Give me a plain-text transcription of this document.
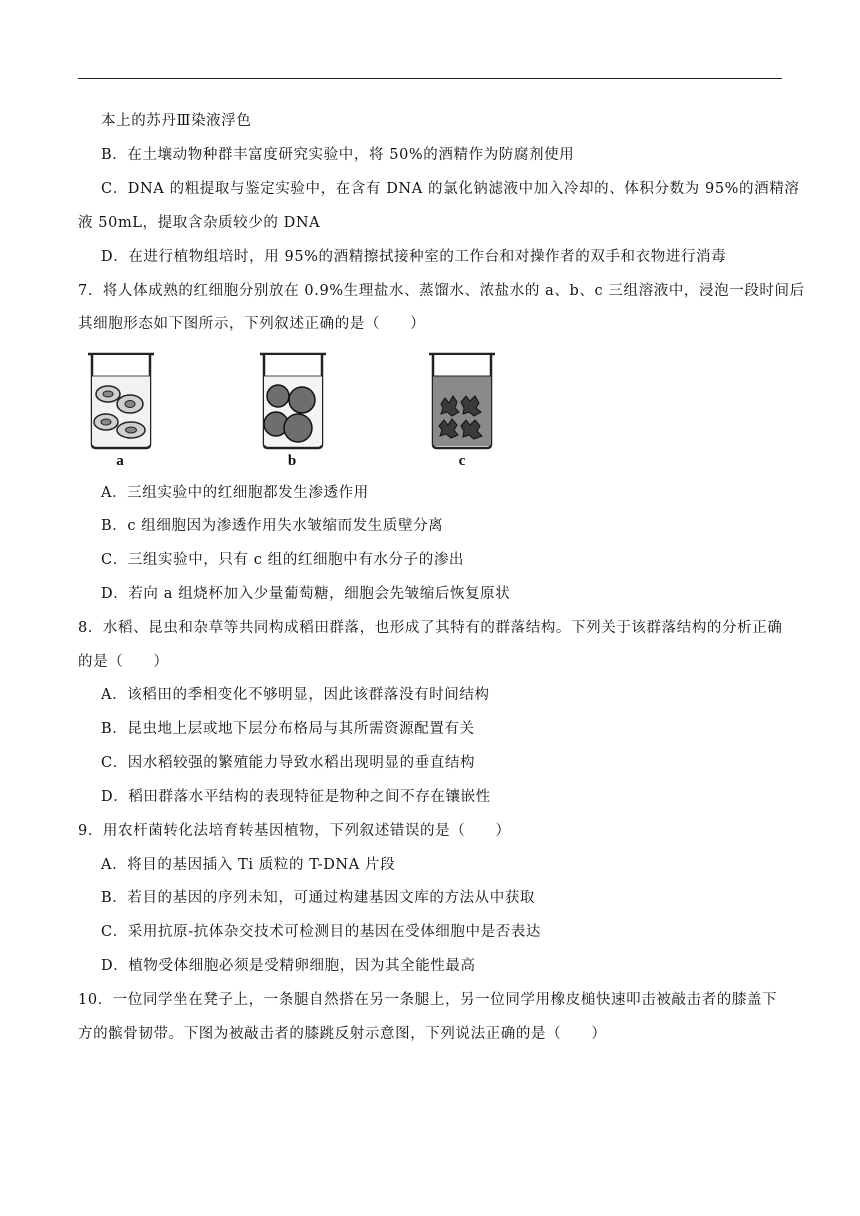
本上的苏丹Ⅲ染液浮色
B．在土壤动物种群丰富度研究实验中，将 50%的酒精作为防腐剂使用
C．DNA 的粗提取与鉴定实验中，在含有 DNA 的氯化钠滤液中加入冷却的、体积分数为 95%的酒精溶
液 50mL，提取含杂质较少的 DNA
D．在进行植物组培时，用 95%的酒精擦拭接种室的工作台和对操作者的双手和衣物进行消毒
7．将人体成熟的红细胞分别放在 0.9%生理盐水、蒸馏水、浓盐水的 a、b、c 三组溶液中，浸泡一段时间后
其细胞形态如下图所示，下列叙述正确的是（　　）
a	b	c
A．三组实验中的红细胞都发生渗透作用
B．c 组细胞因为渗透作用失水皱缩而发生质壁分离
C．三组实验中，只有 c 组的红细胞中有水分子的渗出
D．若向 a 组烧杯加入少量葡萄糖，细胞会先皱缩后恢复原状
8．水稻、昆虫和杂草等共同构成稻田群落，也形成了其特有的群落结构。下列关于该群落结构的分析正确
的是（　　）
A．该稻田的季相变化不够明显，因此该群落没有时间结构
B．昆虫地上层或地下层分布格局与其所需资源配置有关
C．因水稻较强的繁殖能力导致水稻出现明显的垂直结构
D．稻田群落水平结构的表现特征是物种之间不存在镶嵌性
9．用农杆菌转化法培育转基因植物，下列叙述错误的是（　　）
A．将目的基因插入 Ti 质粒的 T-DNA 片段
B．若目的基因的序列未知，可通过构建基因文库的方法从中获取
C．采用抗原-抗体杂交技术可检测目的基因在受体细胞中是否表达
D．植物受体细胞必须是受精卵细胞，因为其全能性最高
10．一位同学坐在凳子上，一条腿自然搭在另一条腿上，另一位同学用橡皮槌快速叩击被敲击者的膝盖下
方的髌骨韧带。下图为被敲击者的膝跳反射示意图，下列说法正确的是（　　）
